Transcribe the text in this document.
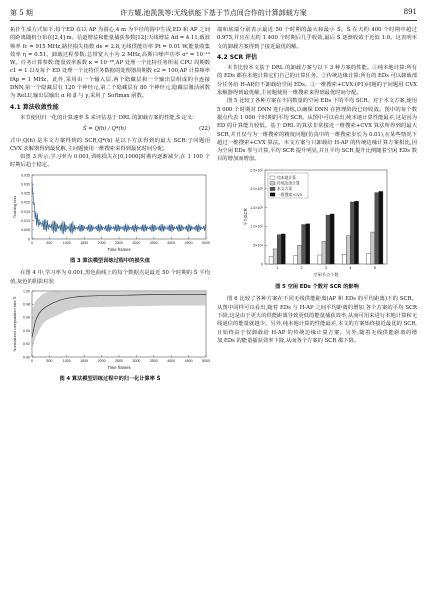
第 5 期	许方耀,池凯凯等:无线供能下基于节点间合作的计算卸载方案	891

拓扑生成方式如下:每个ED 在以 AP 为圆心,4 m 为半径的圆中生成,ED 和 AP 之间的距离随机分布在[2,4] m。信道增益和能量捕获参数[12]:天线增益 Ad = 4.11,载波频率 fc = 915 MHz,路径损失指数 de = 2.8,无线供能功率 Pt = 0.01 W,能量收集效率 η = 0.51。卸载过程参数:总带宽大小为 2 MHz,高斯白噪声功率 σ² = 10⁻¹² W。任务计算参数:能量效率系数 κ = 10⁻²⁸,AP 处理一个比特任务所需 CPU 周期数 c1 = 1 以及每个 ED 处理一个比特任务数据的处理器周期数 c2 = 100,AP 计算频率 fAp = 1 MHz。此外,采用由一个输入层,两个隐藏层和一个输出层组成的全连接 DNN,第一个隐藏层有 120 个神经元,第二个隐藏层有 80 个神经元,隐藏层激活函数为 ReLU,输出层输出 α 和 β 与 γ,采用了 Softmax 函数。

4.1 算法收敛性能

本节使用归一化的计算速率 Ŝ 来评估基于 DRL 的卸载方案的性能,Ŝ 定义:

Ŝ = Q(h) / Q*(h)	(22)

式中,Q(h) 是本文方案得到的 SCR,Q*(h) 是以下方法得到的最大 SCR:子问题用 CVX 求解器得到最优解,主问题使用一维搜索来得到最优时间分配。

如图 3 所示,学习率为 0.001,训练损失在[0,1000]时期内逐渐减少,在 1 100 个时期后趋于稳定。

0	500	1000	1500	2000	2500	3000	3500	4000	4500	5000
0
0.005
0.010
0.015
0.020
0.025
0.030
0.035
Time frames
Training loss
图 3 算法模型训练过程中的损失值

在图 4 中,学习率为 0.001,黑色曲线上的每个数据点是最近 50 个时期的 Ŝ 平均值,灰色的阴影柱状

0	500	1000	1500	2000	2500	3000	3500	4000	4500	5000
0.90
0.92
0.94
0.96
0.98
1.00
Time frames
Normalized computation rate Ŝ
图 4 算法模型训练过程中的归一化计算率 Ŝ

端和底端分别表示最近 50 个时期的最大和最小 Ŝ。Ŝ 在大约 400 个时期中超过 0.975,并且在大约 1 400 个时期后几乎收敛,最后 Ŝ 逐渐收敛于近似 1.0。这表明本文的卸载方案得到了接近最优的解。

4.2 SCR 评估

本节比较本文基于 DRL 的卸载方案与以下 3 种方案的性能。①纯本地计算:所有的 EDs 都在本地计算它们自己的计算任务。②传统边缘计算:所有的 EDs 可以卸载部分任务给 H-AP,但不卸载给空闲 EDs。③一维搜索+CVX:(P1)问题的子问题用 CVX 求解器得到最优解,主问题使用一维搜索来得到最优时间分配。

图 5 比较了各种方案在不同数量的空闲 EDs 下的平均 SCR。对于本文方案,使用 5 000 个时期对 DNN 进行训练,以确保 DNN 在推理阶段已经收敛。图中的每个数据点代表 1 000 个时期的平均 SCR。从图中可以看出,纯本地计算性能最差,这是因为 ED 的计算能力较低。基于 DRL 的算法非常接近一维搜索+CVX 算法所得到的最大 SCR,并且仅与为一维搜索的精度问题(仿真中的一维搜索步长为 0.01),在某些情况下超过一维搜索+CVX 算法。本文方案与只卸载给 H-AP 的传统边缘计算方案相比,因为空闲 EDs 参与计算,平均 SCR 提升明显,并且平均 SCR 提升比例随着空闲 EDs 数目的增加而增加。

0
5×10⁴
1.0×10⁵
1.5×10⁵
2.0×10⁵
2.5×10⁵
1	2	3	4	5
空闲节点个数
平均SCR
纯本地计算
传统边缘计算
本文方案
一维搜索+CVX
图 5 空闲 EDs 个数对 SCR 的影响

图 6 比较了各种方案在不同无线供能距离(AP 和 EDs 的平均距离)下的 SCR。从图中同样可以看出,随着 EDs 与 H-AP 之间平均距离的增加,各个方案的平均 SCR 下降,这是由于更大的供能距离导致更低的能量捕获效率,从而可用来进行本地计算和无线通信的能量就越少。另外,纯本地计算的性能最差,本文的方案始终接近最优的 SCR,且始终高于仅卸载给 H-AP 的传统边缘计算方案。另外,随着无线供能距离的增加,EDs 的能量捕获效率下降,从而各个方案的 SCR 都下降。
